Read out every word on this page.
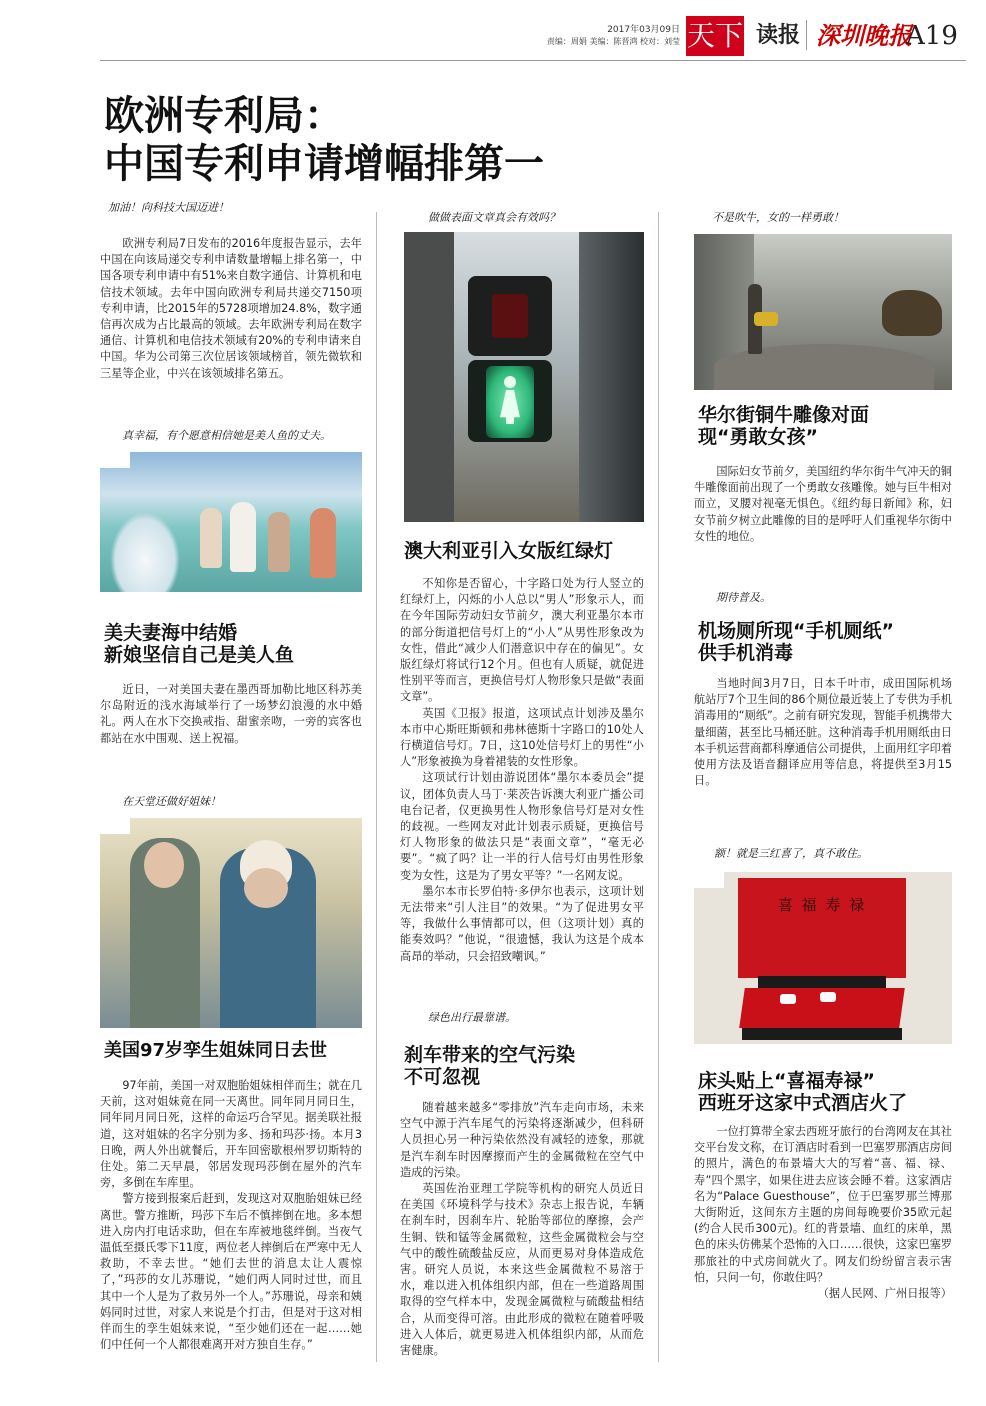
2017年03月09日
责编：周娟 美编：陈晋鸿 校对：刘莹 天下 读报 深圳晚报
A19
欧洲专利局：
中国专利申请增幅排第一
加油！向科技大国迈进！

欧洲专利局7日发布的2016年度报告显示，去年中国在向该局递交专利申请数量增幅上排名第一，中国各项专利申请中有51%来自数字通信、计算机和电信技术领域。去年中国向欧洲专利局共递交7150项专利申请，比2015年的5728项增加24.8%，数字通信再次成为占比最高的领域。去年欧洲专利局在数字通信、计算机和电信技术领域有20%的专利申请来自中国。华为公司第三次位居该领域榜首，领先微软和三星等企业，中兴在该领域排名第五。

真幸福，有个愿意相信她是美人鱼的丈夫。
美夫妻海中结婚
新娘坚信自己是美人鱼

近日，一对美国夫妻在墨西哥加勒比地区科苏美尔岛附近的浅水海域举行了一场梦幻浪漫的水中婚礼。两人在水下交换戒指、甜蜜亲吻，一旁的宾客也都站在水中围观、送上祝福。

在天堂还做好姐妹！
美国97岁孪生姐妹同日去世

97年前，美国一对双胞胎姐妹相伴而生；就在几天前，这对姐妹竟在同一天离世。同年同月同日生，同年同月同日死，这样的命运巧合罕见。据美联社报道，这对姐妹的名字分别为多、扬和玛莎·扬。本月3日晚，两人外出就餐后，开车回密歇根州罗切斯特的住处。第二天早晨，邻居发现玛莎倒在屋外的汽车旁，多倒在车库里。

警方接到报案后赶到，发现这对双胞胎姐妹已经离世。警方推断，玛莎下车后不慎摔倒在地。多本想进入房内打电话求助，但在车库被地毯绊倒。当夜气温低至摄氏零下11度，两位老人摔倒后在严寒中无人救助，不幸去世。“她们去世的消息太让人震惊了，”玛莎的女儿苏珊说，“她们两人同时过世，而且其中一个人是为了救另外一个人。”苏珊说，母亲和姨妈同时过世，对家人来说是个打击，但是对于这对相伴而生的孪生姐妹来说，“至少她们还在一起……她们中任何一个人都很难离开对方独自生存。”

做做表面文章真会有效吗？
澳大利亚引入女版红绿灯

不知你是否留心，十字路口处为行人竖立的红绿灯上，闪烁的小人总以“男人”形象示人，而在今年国际劳动妇女节前夕，澳大利亚墨尔本市的部分街道把信号灯上的“小人”从男性形象改为女性，借此“减少人们潜意识中存在的偏见”。女版红绿灯将试行12个月。但也有人质疑，就促进性别平等而言，更换信号灯人物形象只是做“表面文章”。

英国《卫报》报道，这项试点计划涉及墨尔本市中心斯旺斯顿和弗林德斯十字路口的10处人行横道信号灯。7日，这10处信号灯上的男性“小人”形象被换为身着裙装的女性形象。

这项试行计划由游说团体“墨尔本委员会”提议，团体负责人马丁·莱茨告诉澳大利亚广播公司电台记者，仅更换男性人物形象信号灯是对女性的歧视。一些网友对此计划表示质疑，更换信号灯人物形象的做法只是“表面文章”，“毫无必要”。“疯了吗？让一半的行人信号灯由男性形象变为女性，这是为了男女平等？”一名网友说。

墨尔本市长罗伯特·多伊尔也表示，这项计划无法带来“引人注目”的效果。“为了促进男女平等，我做什么事情都可以，但（这项计划）真的能奏效吗？”他说，“很遗憾，我认为这是个成本高昂的举动，只会招致嘲讽。”

绿色出行最靠谱。
刹车带来的空气污染
不可忽视

随着越来越多“零排放”汽车走向市场，未来空气中源于汽车尾气的污染将逐渐减少，但科研人员担心另一种污染依然没有减轻的迹象，那就是汽车刹车时因摩擦而产生的金属微粒在空气中造成的污染。

英国佐治亚理工学院等机构的研究人员近日在美国《环境科学与技术》杂志上报告说，车辆在刹车时，因刹车片、轮胎等部位的摩擦，会产生铜、铁和锰等金属微粒，这些金属微粒会与空气中的酸性硫酸盐反应，从而更易对身体造成危害。研究人员说，本来这些金属微粒不易溶于水，难以进入机体组织内部，但在一些道路周围取得的空气样本中，发现金属微粒与硫酸盐相结合，从而变得可溶。由此形成的微粒在随着呼吸进入人体后，就更易进入机体组织内部，从而危害健康。

不是吹牛，女的一样勇敢！
华尔街铜牛雕像对面
现“勇敢女孩”

国际妇女节前夕，美国纽约华尔街牛气冲天的铜牛雕像面前出现了一个勇敢女孩雕像。她与巨牛相对而立，叉腰对视毫无惧色。《纽约每日新闻》称，妇女节前夕树立此雕像的目的是呼吁人们重视华尔街中女性的地位。

期待普及。
机场厕所现“手机厕纸”
供手机消毒

当地时间3月7日，日本千叶市，成田国际机场航站厅7个卫生间的86个厕位最近装上了专供为手机消毒用的“厕纸”。之前有研究发现，智能手机携带大量细菌，甚至比马桶还脏。这种消毒手机用厕纸由日本手机运营商都科摩通信公司提供，上面用红字印着使用方法及语音翻译应用等信息，将提供至3月15日。

额！就是三红喜了，真不敢住。
喜 福 寿 禄
床头贴上“喜福寿禄”
西班牙这家中式酒店火了

一位打算带全家去西班牙旅行的台湾网友在其社交平台发文称，在订酒店时看到一巴塞罗那酒店房间的照片，满色的布景墙大大的写着“喜、福、禄、寿”四个黑字，如果住进去应该会睡不着。这家酒店名为“Palace Guesthouse”，位于巴塞罗那兰博那大街附近，这间东方主题的房间每晚要价35欧元起(约合人民币300元)。红的背景墙、血红的床单，黑色的床头仿佛某个恐怖的入口……很快，这家巴塞罗那旅社的中式房间就火了。网友们纷纷留言表示害怕，只问一句，你敢住吗？

（据人民网、广州日报等）
